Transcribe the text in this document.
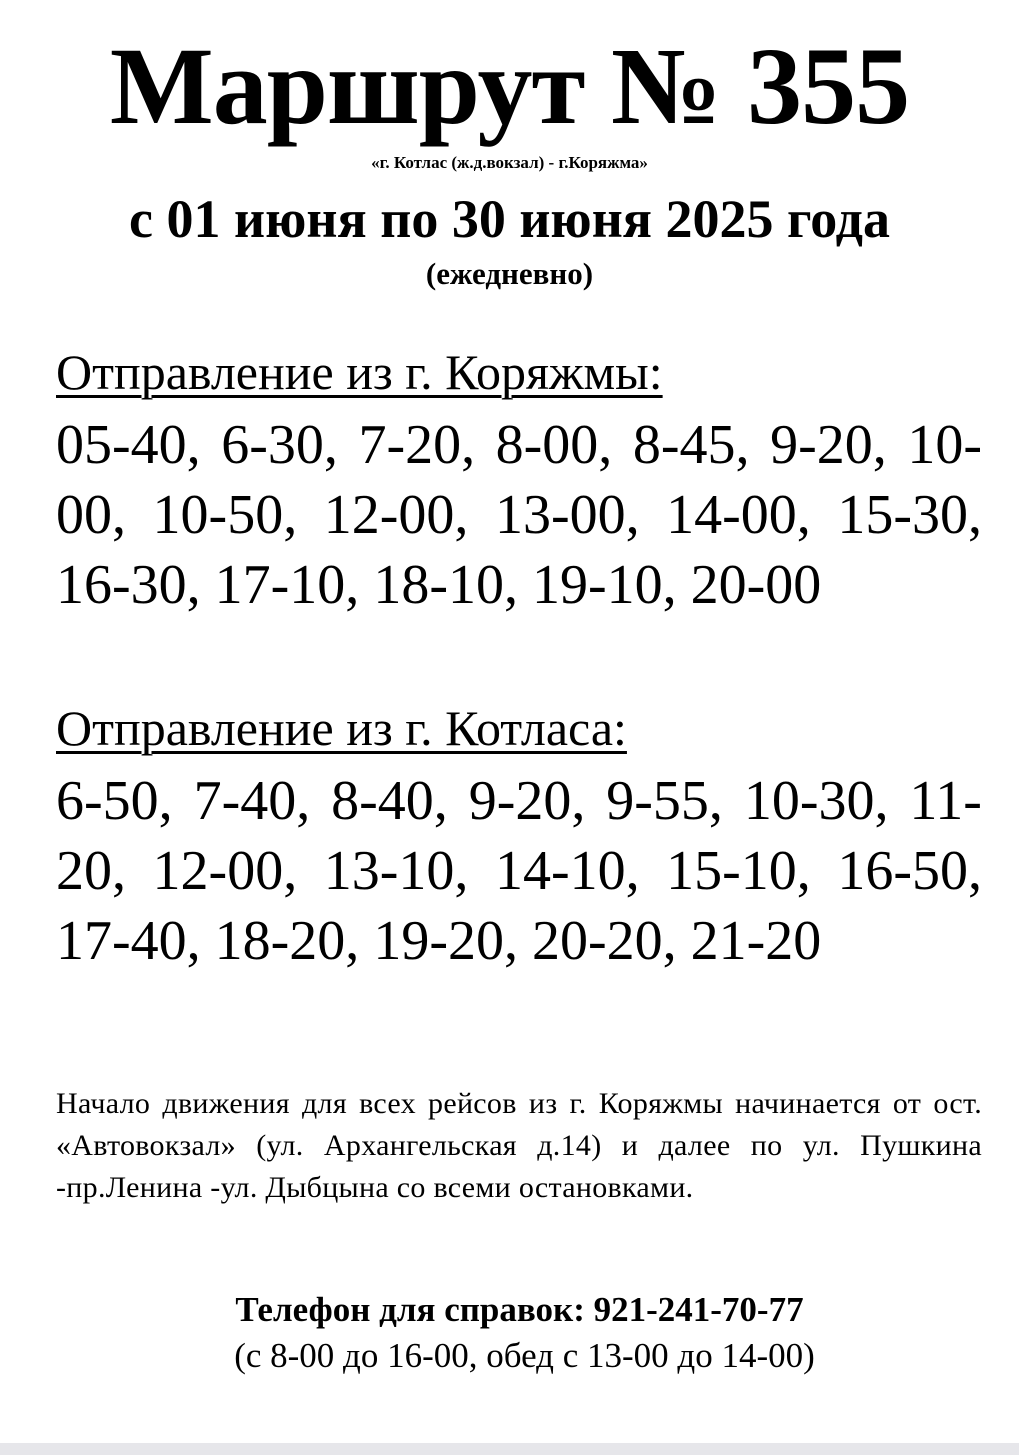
Маршрут № 355
«г. Котлас (ж.д.вокзал) - г.Коряжма»
с 01 июня по 30 июня 2025 года
(ежедневно)
Отправление из г. Коряжмы:
05-40, 6-30, 7-20, 8-00, 8-45, 9-20, 10-00, 10-50, 12-00, 13-00, 14-00, 15-30, 16-30, 17-10, 18-10, 19-10, 20-00
Отправление из г. Котласа:
6-50, 7-40, 8-40, 9-20, 9-55, 10-30, 11-20, 12-00, 13-10, 14-10, 15-10, 16-50, 17-40, 18-20, 19-20, 20-20, 21-20
Начало движения для всех рейсов из г. Коряжмы начинается от ост. «Автовокзал» (ул. Архангельская д.14) и далее по ул. Пушкина -пр.Ленина -ул. Дыбцына со всеми остановками.
Телефон для справок: 921-241-70-77
(с 8-00 до 16-00, обед с 13-00 до 14-00)
